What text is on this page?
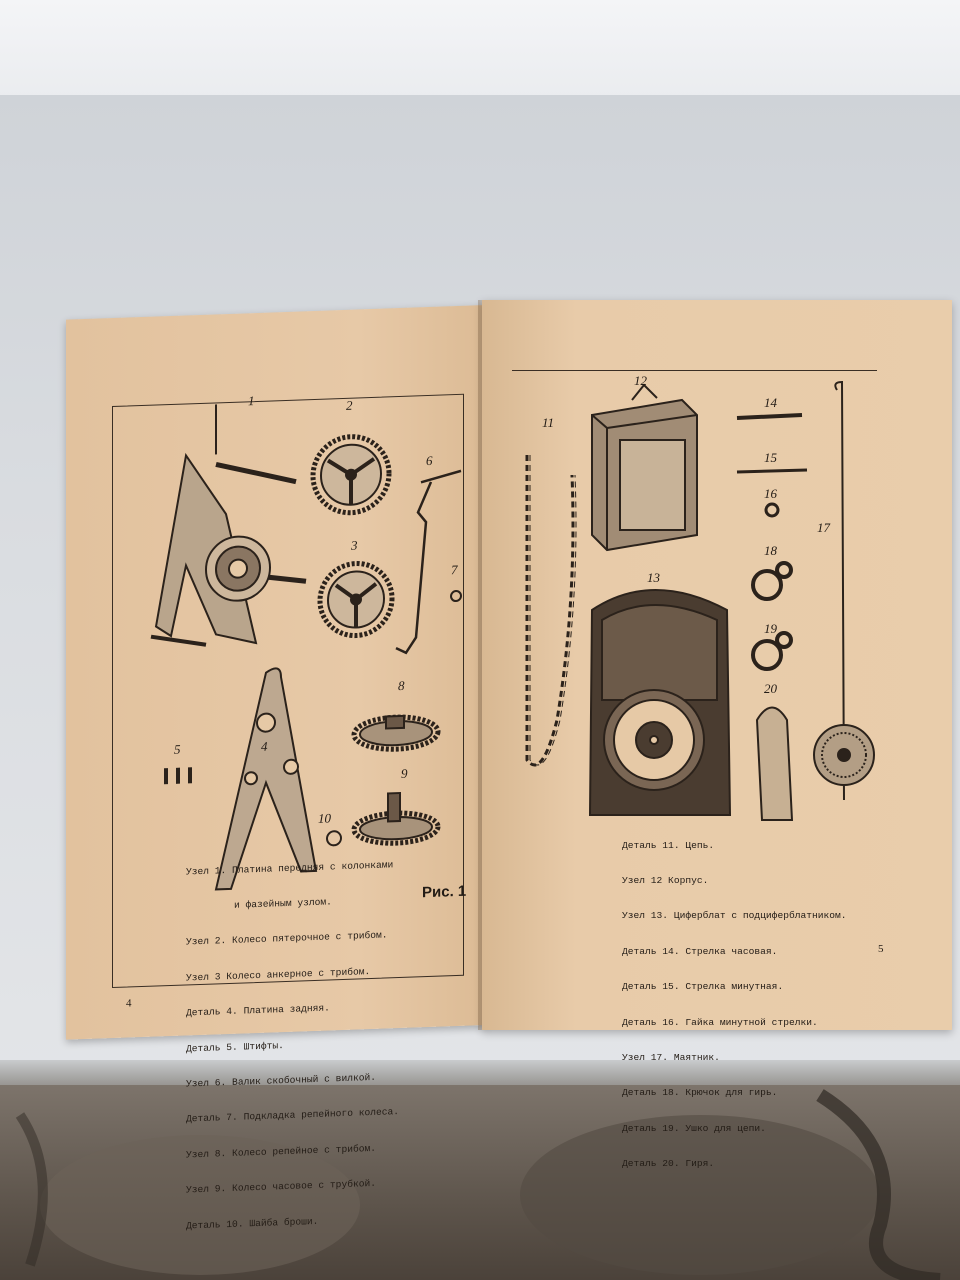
1	2
3
4
5
6
7
8
9
10

Узел 1. Платина передняя с колонками

и фазейным узлом.

Узел 2. Колесо пятерочное с трибом.

Узел 3 Колесо анкерное с трибом.

Деталь 4. Платина задняя.

Деталь 5. Штифты.

Узел 6. Валик скобочный с вилкой.

Деталь 7. Подкладка репейного колеса.

Узел 8. Колесо репейное с трибом.

Узел 9. Колесо часовое с трубкой.

Деталь 10. Шайба броши.

Рис. 1
4
11
12
13
14
15
16
17
18
19
20

Деталь 11. Цепь.

Узел 12 Корпус.

Узел 13. Циферблат с подциферблатником.

Деталь 14. Стрелка часовая.

Деталь 15. Стрелка минутная.

Деталь 16. Гайка минутной стрелки.

Узел 17. Маятник.

Деталь 18. Крючок для гирь.

Деталь 19. Ушко для цепи.

Деталь 20. Гиря.

5
